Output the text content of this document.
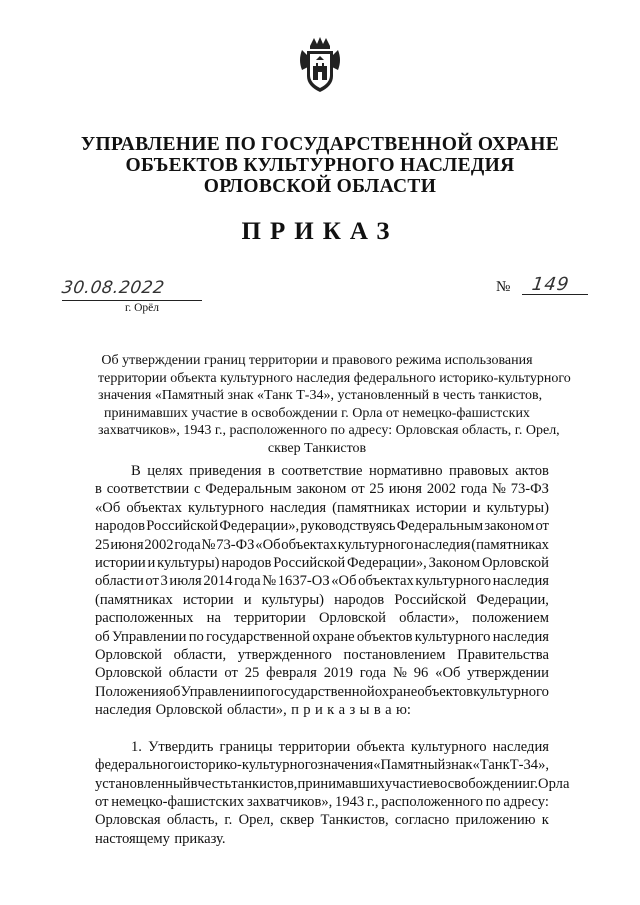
УПРАВЛЕНИЕ ПО ГОСУДАРСТВЕННОЙ ОХРАНЕ
ОБЪЕКТОВ КУЛЬТУРНОГО НАСЛЕДИЯ
ОРЛОВСКОЙ ОБЛАСТИ
ПРИКАЗ
30.08.2022
г. Орёл
№ 149
Об утверждении границ территории и правового режима использования
территории объекта культурного наследия федерального историко-культурного
значения «Памятный знак «Танк Т-34», установленный в честь танкистов,
принимавших участие в освобождении г. Орла от немецко-фашистских
захватчиков», 1943 г., расположенного по адресу: Орловская область, г. Орел,
сквер Танкистов
В целях приведения в соответствие нормативно правовых актов
в соответствии с Федеральным законом от 25 июня 2002 года № 73-ФЗ
«Об объектах культурного наследия (памятниках истории и культуры)
народов Российской Федерации», руководствуясь Федеральным законом от
25 июня 2002 года № 73-ФЗ «Об объектах культурного наследия (памятниках
истории и культуры) народов Российской Федерации», Законом Орловской
области от 3 июля 2014 года № 1637-ОЗ «Об объектах культурного наследия
(памятниках истории и культуры) народов Российской Федерации,
расположенных на территории Орловской области», положением
об Управлении по государственной охране объектов культурного наследия
Орловской области, утвержденного постановлением Правительства
Орловской области от 25 февраля 2019 года № 96 «Об утверждении
Положения об Управлении по государственной охране объектов культурного
наследия Орловской области», п р и к а з ы в а ю:
1. Утвердить границы территории объекта культурного наследия
федерального историко-культурного значения «Памятный знак «Танк Т-34»,
установленный в честь танкистов, принимавших участие в освобождении г. Орла
от немецко-фашистских захватчиков», 1943 г., расположенного по адресу:
Орловская область, г. Орел, сквер Танкистов, согласно приложению к
настоящему приказу.
